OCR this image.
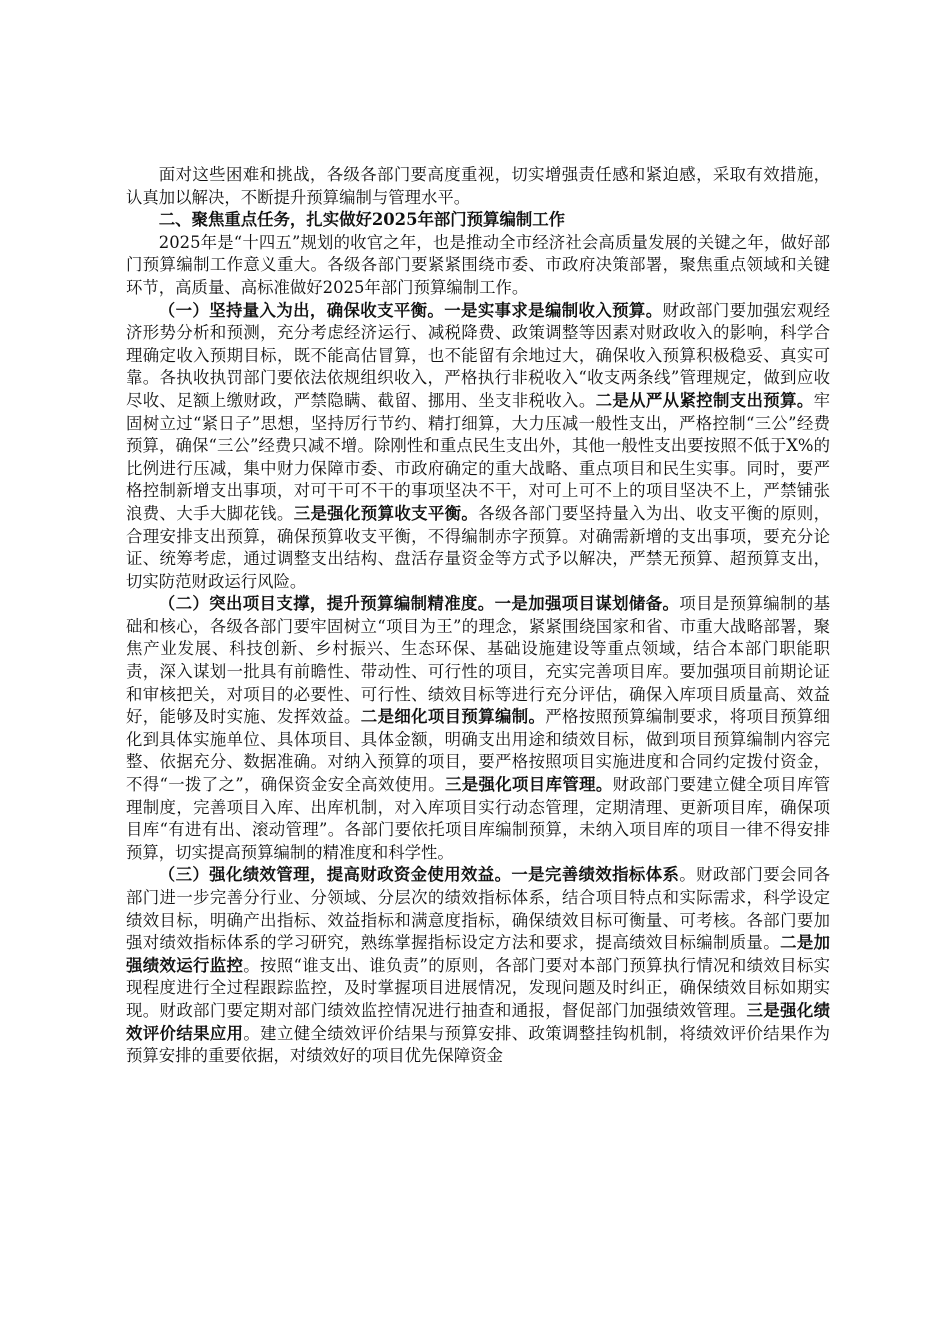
面对这些困难和挑战，各级各部门要高度重视，切实增强责任感和紧迫感，采取有效措施，认真加以解决，不断提升预算编制与管理水平。

二、聚焦重点任务，扎实做好2025年部门预算编制工作

2025年是“十四五”规划的收官之年，也是推动全市经济社会高质量发展的关键之年，做好部门预算编制工作意义重大。各级各部门要紧紧围绕市委、市政府决策部署，聚焦重点领域和关键环节，高质量、高标准做好2025年部门预算编制工作。

（一）坚持量入为出，确保收支平衡。一是实事求是编制收入预算。财政部门要加强宏观经济形势分析和预测，充分考虑经济运行、减税降费、政策调整等因素对财政收入的影响，科学合理确定收入预期目标，既不能高估冒算，也不能留有余地过大，确保收入预算积极稳妥、真实可靠。各执收执罚部门要依法依规组织收入，严格执行非税收入“收支两条线”管理规定，做到应收尽收、足额上缴财政，严禁隐瞒、截留、挪用、坐支非税收入。二是从严从紧控制支出预算。牢固树立过“紧日子”思想，坚持厉行节约、精打细算，大力压减一般性支出，严格控制“三公”经费预算，确保“三公”经费只减不增。除刚性和重点民生支出外，其他一般性支出要按照不低于X%的比例进行压减，集中财力保障市委、市政府确定的重大战略、重点项目和民生实事。同时，要严格控制新增支出事项，对可干可不干的事项坚决不干，对可上可不上的项目坚决不上，严禁铺张浪费、大手大脚花钱。三是强化预算收支平衡。各级各部门要坚持量入为出、收支平衡的原则，合理安排支出预算，确保预算收支平衡，不得编制赤字预算。对确需新增的支出事项，要充分论证、统筹考虑，通过调整支出结构、盘活存量资金等方式予以解决，严禁无预算、超预算支出，切实防范财政运行风险。

（二）突出项目支撑，提升预算编制精准度。一是加强项目谋划储备。项目是预算编制的基础和核心，各级各部门要牢固树立“项目为王”的理念，紧紧围绕国家和省、市重大战略部署，聚焦产业发展、科技创新、乡村振兴、生态环保、基础设施建设等重点领域，结合本部门职能职责，深入谋划一批具有前瞻性、带动性、可行性的项目，充实完善项目库。要加强项目前期论证和审核把关，对项目的必要性、可行性、绩效目标等进行充分评估，确保入库项目质量高、效益好，能够及时实施、发挥效益。二是细化项目预算编制。严格按照预算编制要求，将项目预算细化到具体实施单位、具体项目、具体金额，明确支出用途和绩效目标，做到项目预算编制内容完整、依据充分、数据准确。对纳入预算的项目，要严格按照项目实施进度和合同约定拨付资金，不得“一拨了之”，确保资金安全高效使用。三是强化项目库管理。财政部门要建立健全项目库管理制度，完善项目入库、出库机制，对入库项目实行动态管理，定期清理、更新项目库，确保项目库“有进有出、滚动管理”。各部门要依托项目库编制预算，未纳入项目库的项目一律不得安排预算，切实提高预算编制的精准度和科学性。

（三）强化绩效管理，提高财政资金使用效益。一是完善绩效指标体系。财政部门要会同各部门进一步完善分行业、分领域、分层次的绩效指标体系，结合项目特点和实际需求，科学设定绩效目标，明确产出指标、效益指标和满意度指标，确保绩效目标可衡量、可考核。各部门要加强对绩效指标体系的学习研究，熟练掌握指标设定方法和要求，提高绩效目标编制质量。二是加强绩效运行监控。按照“谁支出、谁负责”的原则，各部门要对本部门预算执行情况和绩效目标实现程度进行全过程跟踪监控，及时掌握项目进展情况，发现问题及时纠正，确保绩效目标如期实现。财政部门要定期对部门绩效监控情况进行抽查和通报，督促部门加强绩效管理。三是强化绩效评价结果应用。建立健全绩效评价结果与预算安排、政策调整挂钩机制，将绩效评价结果作为预算安排的重要依据，对绩效好的项目优先保障资金
